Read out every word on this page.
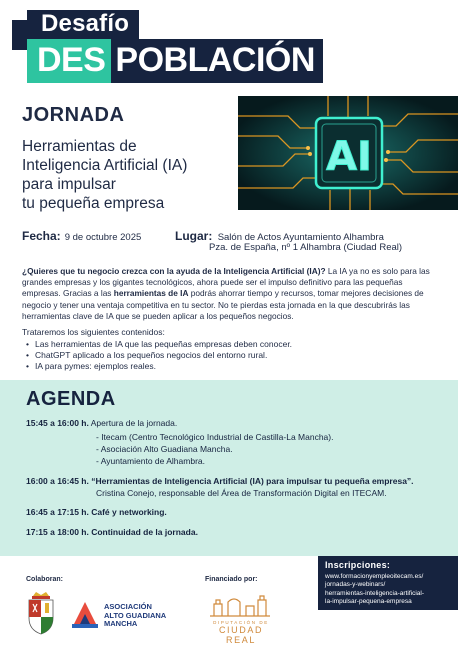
Desafío
DES POBLACIÓN
AI
JORNADA
Herramientas de
Inteligencia Artificial (IA)
para impulsar
tu pequeña empresa
Fecha: 9 de octubre 2025	Lugar: Salón de Actos Ayuntamiento Alhambra
Pza. de España, nº 1 Alhambra (Ciudad Real)

¿Quieres que tu negocio crezca con la ayuda de la Inteligencia Artificial (IA)? La IA ya no es solo para las grandes empresas y los gigantes tecnológicos, ahora puede ser el impulso definitivo para las pequeñas empresas. Gracias a las herramientas de IA podrás ahorrar tiempo y recursos, tomar mejores decisiones de negocio y tener una ventaja competitiva en tu sector. No te pierdas esta jornada en la que descubrirás las herramientas clave de IA que se pueden aplicar a los pequeños negocios.

Trataremos los siguientes contenidos:
• Las herramientas de IA que las pequeñas empresas deben conocer.
• ChatGPT aplicado a los pequeños negocios del entorno rural.
• IA para pymes: ejemplos reales.
AGENDA
15:45 a 16:00 h. Apertura de la jornada.
- Itecam (Centro Tecnológico Industrial de Castilla-La Mancha).
- Asociación Alto Guadiana Mancha.
- Ayuntamiento de Alhambra.
16:00 a 16:45 h. “Herramientas de Inteligencia Artificial (IA) para impulsar tu pequeña empresa”.
Cristina Conejo, responsable del Área de Transformación Digital en ITECAM.
16:45 a 17:15 h. Café y networking.
17:15 a 18:00 h. Continuidad de la jornada.
Inscripciones:
www.formacionyempleoitecam.es/
jornadas-y-webinars/
herramientas-inteligencia-artificial-
la-impulsar-pequena-empresa
Colaboran:	Financiado por:
ASOCIACIÓN
ALTO GUADIANA
MANCHA	DIPUTACIÓN DE
CIUDAD REAL
